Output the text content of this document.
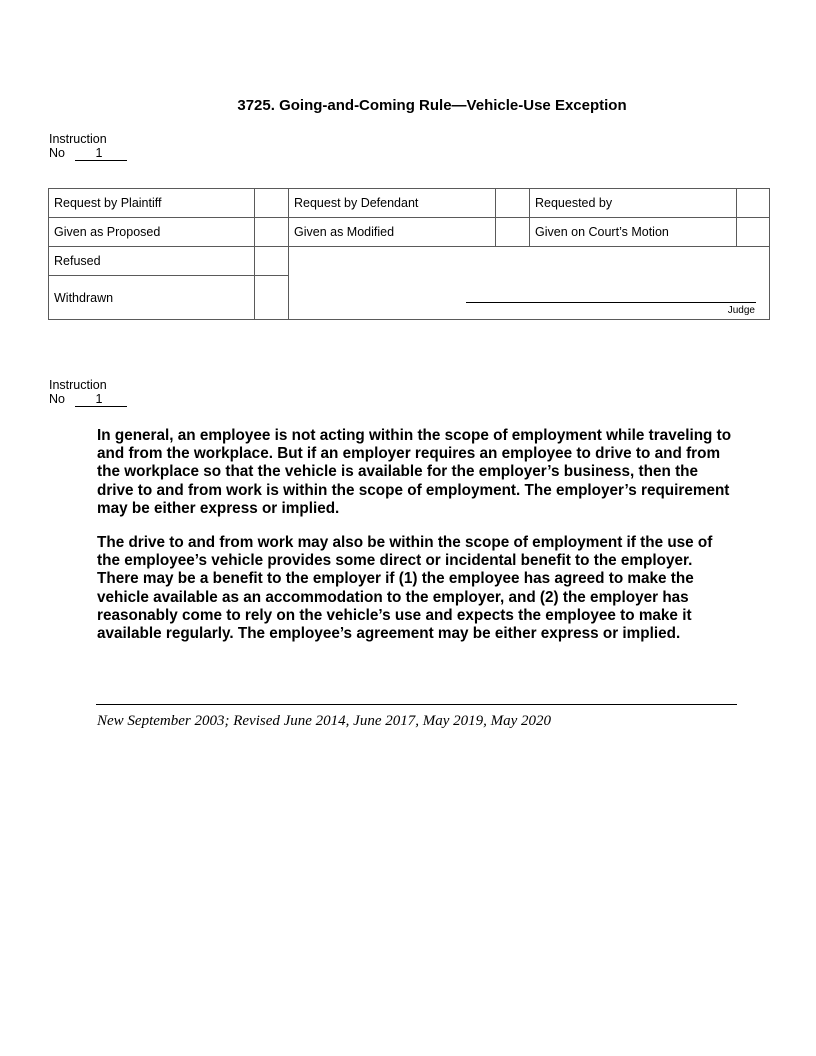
3725. Going-and-Coming Rule—Vehicle-Use Exception
Instruction
No 1
Request by Plaintiff		Request by Defendant		Requested by	
Given as Proposed		Given as Modified		Given on Court’s Motion	
Refused		Judge			

Withdrawn					
Instruction
No 1

In general, an employee is not acting within the scope of employment while traveling to and from the workplace. But if an employer requires an employee to drive to and from the workplace so that the vehicle is available for the employer’s business, then the drive to and from work is within the scope of employment. The employer’s requirement may be either express or implied.

The drive to and from work may also be within the scope of employment if the use of the employee’s vehicle provides some direct or incidental benefit to the employer. There may be a benefit to the employer if (1) the employee has agreed to make the vehicle available as an accommodation to the employer, and (2) the employer has reasonably come to rely on the vehicle’s use and expects the employee to make it available regularly. The employee’s agreement may be either express or implied.

New September 2003; Revised June 2014, June 2017, May 2019, May 2020
